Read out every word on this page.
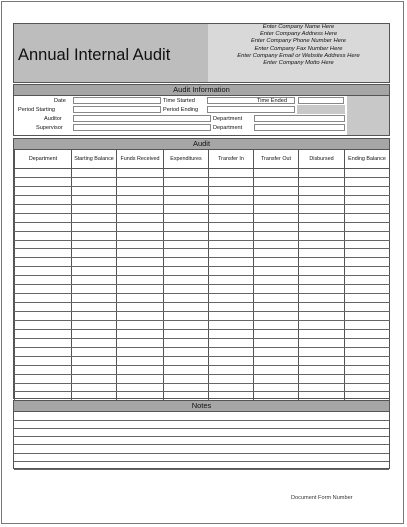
Annual Internal Audit
Enter Company Name Here
Enter Company Address Here
Enter Company Phone Number Here
Enter Company Fax Number Here
Enter Company Email or Website Address Here
Enter Company Motto Here
Audit Information
Date	Time Started	Time Ended
Period Starting	Period Ending
Auditor	Department
Supervisor	Department
Audit
Department	Starting Balance	Funds Received	Expenditures	Transfer In	Transfer Out	Disbursed	Ending Balance

Notes
Document Form Number
